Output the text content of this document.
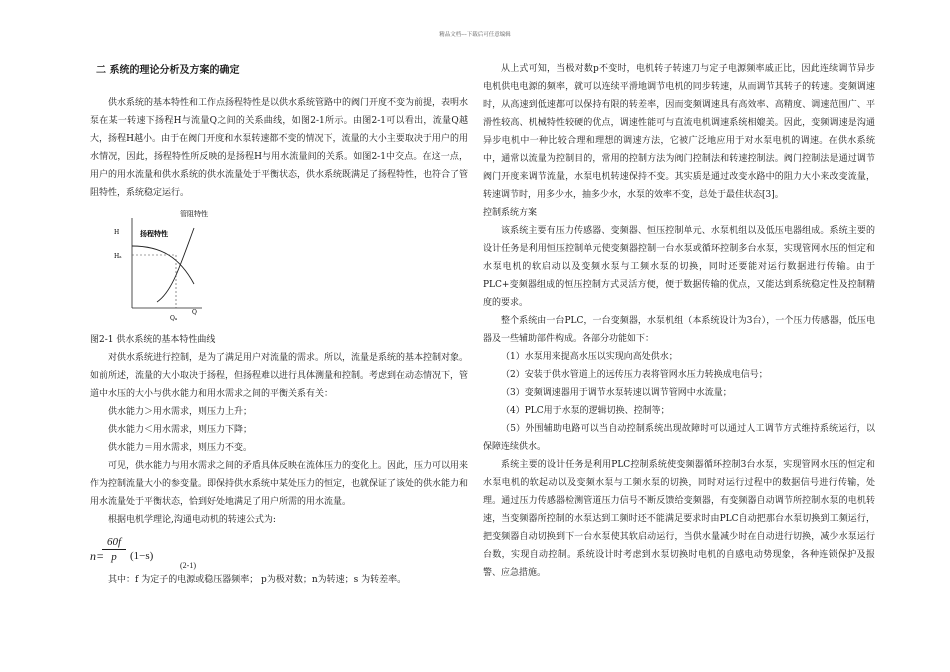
精品文档---下载后可任意编辑
二 系统的理论分析及方案的确定

供水系统的基本特性和工作点扬程特性是以供水系统管路中的阀门开度不变为前提，表明水泵在某一转速下扬程H与流量Q之间的关系曲线，如图2-1所示。由图2-1可以看出，流量Q越大，扬程H越小。由于在阀门开度和水泵转速都不变的情况下，流量的大小主要取决于用户的用水情况，因此，扬程特性所反映的是扬程H与用水流量间的关系。如图2-1中交点。在这一点，用户的用水流量和供水系统的供水流量处于平衡状态，供水系统既满足了扬程特性，也符合了管阻特性，系统稳定运行。

管阻特性
扬程特性
H
Hₐ
Qₐ
Q

图2-1 供水系统的基本特性曲线

对供水系统进行控制，是为了满足用户对流量的需求。所以，流量是系统的基本控制对象。如前所述，流量的大小取决于扬程，但扬程难以进行具体测量和控制。考虑到在动态情况下，管道中水压的大小与供水能力和用水需求之间的平衡关系有关：

供水能力＞用水需求，则压力上升；

供水能力＜用水需求，则压力下降；

供水能力＝用水需求，则压力不变。

可见，供水能力与用水需求之间的矛盾具体反映在流体压力的变化上。因此，压力可以用来作为控制流量大小的参变量。即保持供水系统中某处压力的恒定，也就保证了该处的供水能力和用水流量处于平衡状态，恰到好处地满足了用户所需的用水流量。

根据电机学理论,沟通电动机的转速公式为:

n=
$\frac{60f}{p} (1-s)$
(2-1)

其中：f 为定子的电源或稳压器频率； p为极对数；n为转速；s 为转差率。

从上式可知，当极对数p不变时，电机转子转速刀与定子电源频率戚正比，因此连续调节异步电机供电电源的频率，就可以连续平滑地调节电机的同步转速，从而调节其转子的转速。变频调速时，从高速到低速都可以保持有限的转差率，因而变频调速具有高效率、高精度、调速范围广、平滑性较高、机械特性较硬的优点，调速性能可与直流电机调速系统相媲美。因此，变频调速是沟通异步电机中一种比较合理和理想的调速方法，它被广泛地应用于对水泵电机的调速。在供水系统中，通常以流量为控制目的，常用的控制方法为阀门控制法和转速控制法。阀门控制法是通过调节阀门开度来调节流量，水泵电机转速保持不变。其实质是通过改变水路中的阻力大小来改变流量，转速调节时，用多少水，抽多少水，水泵的效率不变，总处于最佳状态[3]。

控制系统方案

该系统主要有压力传感器、变频器、恒压控制单元、水泵机组以及低压电器组成。系统主要的设计任务是利用恒压控制单元使变频器控制一台水泵或循环控制多台水泵，实现管网水压的恒定和水泵电机的软启动以及变频水泵与工频水泵的切换，同时还要能对运行数据进行传输。由于PLC+变频器组成的恒压控制方式灵活方便，便于数据传输的优点，又能达到系统稳定性及控制精度的要求。

整个系统由一台PLC，一台变频器，水泵机组（本系统设计为3台），一个压力传感器，低压电器及一些辅助部件构成。各部分功能如下：

（1）水泵用来提高水压以实现向高处供水；

（2）安装于供水管道上的远传压力表将管网水压力转换成电信号；

（3）变频调速器用于调节水泵转速以调节管网中水流量；

（4）PLC用于水泵的逻辑切换、控制等；

（5）外围辅助电路可以当自动控制系统出现故障时可以通过人工调节方式维持系统运行，以保障连续供水。

系统主要的设计任务是利用PLC控制系统使变频器循环控制3台水泵，实现管网水压的恒定和水泵电机的软起动以及变频水泵与工频水泵的切换，同时对运行过程中的数据信号进行传输，处理。通过压力传感器检测管道压力信号不断反馈给变频器，有变频器自动调节所控制水泵的电机转速，当变频器所控制的水泵达到工频时还不能满足要求时由PLC自动把那台水泵切换到工频运行，把变频器自动切换到下一台水泵使其软启动运行，当供水量减少时在自动进行切换，减少水泵运行台数，实现自动控制。系统设计时考虑到水泵切换时电机的自感电动势现象，各种连锁保护及报警、应急措施。
